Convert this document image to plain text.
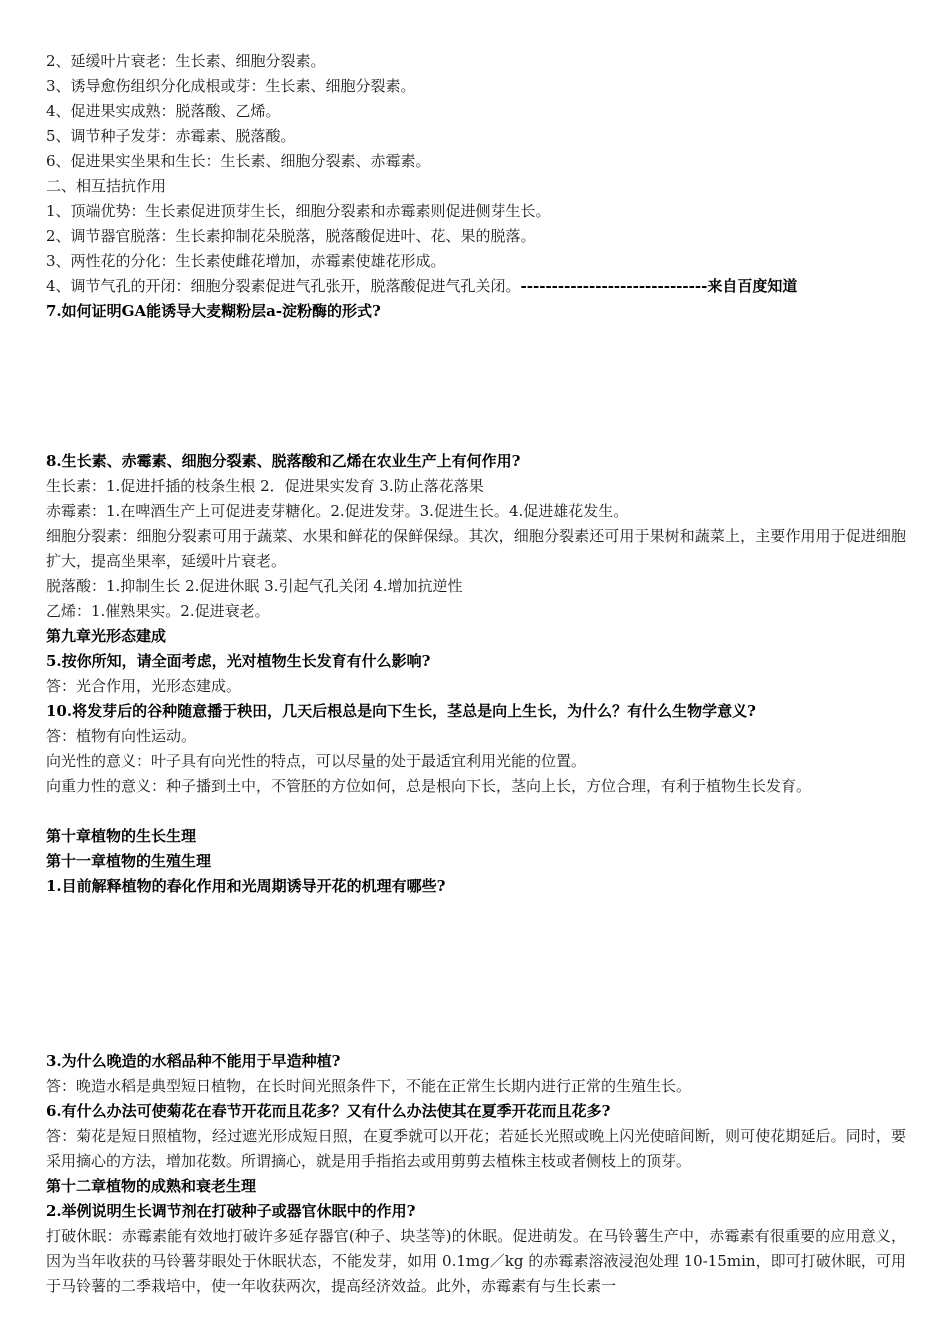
2、延缓叶片衰老：生长素、细胞分裂素。
3、诱导愈伤组织分化成根或芽：生长素、细胞分裂素。
4、促进果实成熟：脱落酸、乙烯。
5、调节种子发芽：赤霉素、脱落酸。
6、促进果实坐果和生长：生长素、细胞分裂素、赤霉素。
二、相互拮抗作用
1、顶端优势：生长素促进顶芽生长，细胞分裂素和赤霉素则促进侧芽生长。
2、调节器官脱落：生长素抑制花朵脱落，脱落酸促进叶、花、果的脱落。
3、两性花的分化：生长素使雌花增加，赤霉素使雄花形成。
4、调节气孔的开闭：细胞分裂素促进气孔张开，脱落酸促进气孔关闭。------------------------------来自百度知道
7.如何证明GA能诱导大麦糊粉层a-淀粉酶的形式?
8.生长素、赤霉素、细胞分裂素、脱落酸和乙烯在农业生产上有何作用?
生长素：1.促进扦插的枝条生根 2．促进果实发育 3.防止落花落果
赤霉素：1.在啤酒生产上可促进麦芽糖化。2.促进发芽。3.促进生长。4.促进雄花发生。
细胞分裂素：细胞分裂素可用于蔬菜、水果和鲜花的保鲜保绿。其次，细胞分裂素还可用于果树和蔬菜上，主要作用用于促进细胞扩大，提高坐果率，延缓叶片衰老。
脱落酸：1.抑制生长 2.促进休眠 3.引起气孔关闭 4.增加抗逆性
乙烯：1.催熟果实。2.促进衰老。
第九章光形态建成
5.按你所知，请全面考虑，光对植物生长发育有什么影响?
答：光合作用，光形态建成。
10.将发芽后的谷种随意播于秧田，几天后根总是向下生长，茎总是向上生长，为什么？有什么生物学意义?
答：植物有向性运动。
向光性的意义：叶子具有向光性的特点，可以尽量的处于最适宜利用光能的位置。
向重力性的意义：种子播到土中，不管胚的方位如何，总是根向下长，茎向上长，方位合理，有利于植物生长发育。
第十章植物的生长生理
第十一章植物的生殖生理
1.目前解释植物的春化作用和光周期诱导开花的机理有哪些?
3.为什么晚造的水稻品种不能用于早造种植?
答：晚造水稻是典型短日植物，在长时间光照条件下，不能在正常生长期内进行正常的生殖生长。
6.有什么办法可使菊花在春节开花而且花多？又有什么办法使其在夏季开花而且花多?
答：菊花是短日照植物，经过遮光形成短日照，在夏季就可以开花；若延长光照或晚上闪光使暗间断，则可使花期延后。同时，要采用摘心的方法，增加花数。所谓摘心，就是用手指掐去或用剪剪去植株主枝或者侧枝上的顶芽。
第十二章植物的成熟和衰老生理
2.举例说明生长调节剂在打破种子或器官休眠中的作用?
打破休眠：赤霉素能有效地打破许多延存器官(种子、块茎等)的休眠。促进萌发。在马铃薯生产中，赤霉素有很重要的应用意义，因为当年收获的马铃薯芽眼处于休眠状态，不能发芽，如用 0.1mg／kg 的赤霉素溶液浸泡处理 10-15min，即可打破休眠，可用于马铃薯的二季栽培中，使一年收获两次，提高经济效益。此外，赤霉素有与生长素一
